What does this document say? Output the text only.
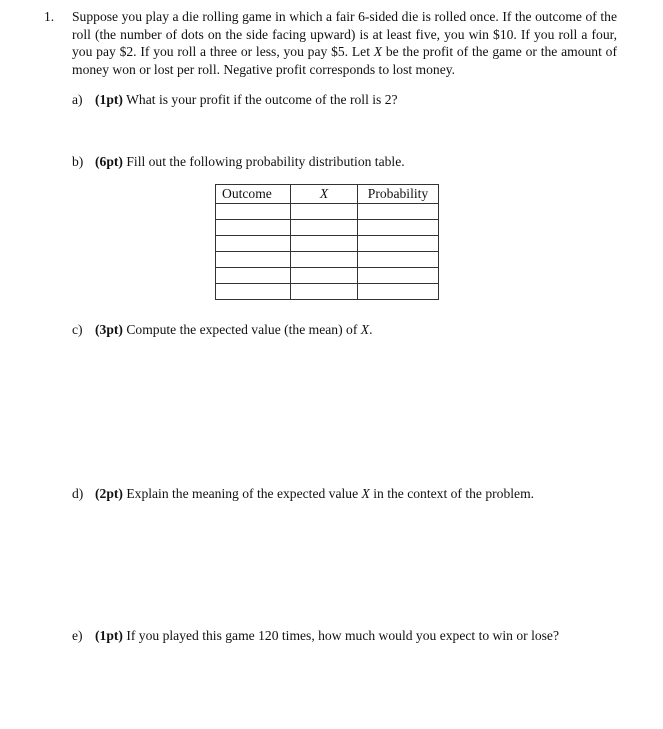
1. Suppose you play a die rolling game in which a fair 6-sided die is rolled once. If the outcome of the roll (the number of dots on the side facing upward) is at least five, you win $10. If you roll a four, you pay $2. If you roll a three or less, you pay $5. Let X be the profit of the game or the amount of money won or lost per roll. Negative profit corresponds to lost money.
a) (1pt) What is your profit if the outcome of the roll is 2?
b) (6pt) Fill out the following probability distribution table.
Outcome	X	Probability

c) (3pt) Compute the expected value (the mean) of X.
d) (2pt) Explain the meaning of the expected value X in the context of the problem.
e) (1pt) If you played this game 120 times, how much would you expect to win or lose?
